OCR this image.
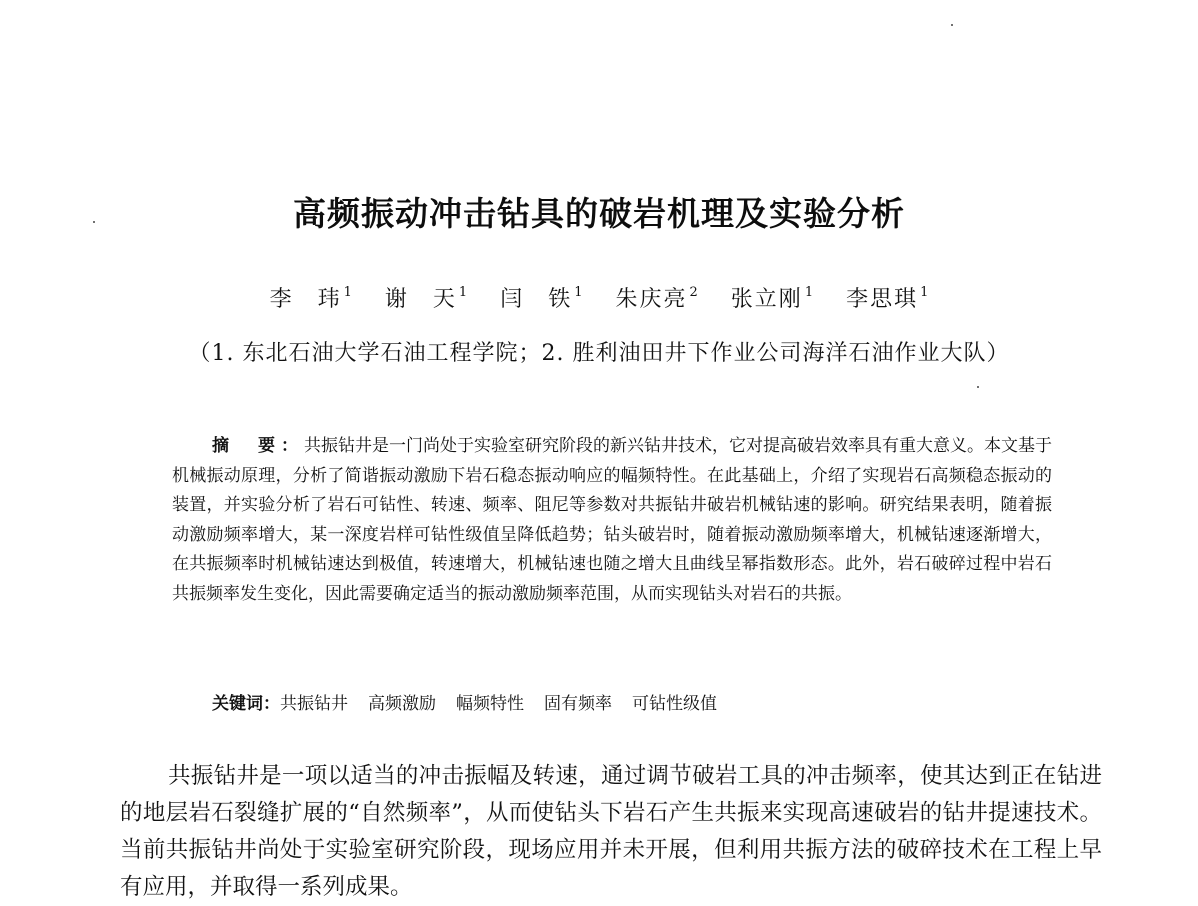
高频振动冲击钻具的破岩机理及实验分析
李　玮 $^1$ 谢　天 $^1$ 闫　铁 $^1$ 朱庆亮 $^2$ 张立刚 $^1$ 李思琪 $^1$
（1. 东北石油大学石油工程学院；2. 胜利油田井下作业公司海洋石油作业大队）
摘　要：共振钻井是一门尚处于实验室研究阶段的新兴钻井技术，它对提高破岩效率具有重大意义。本文基于机械振动原理，分析了简谐振动激励下岩石稳态振动响应的幅频特性。在此基础上，介绍了实现岩石高频稳态振动的装置，并实验分析了岩石可钻性、转速、频率、阻尼等参数对共振钻井破岩机械钻速的影响。研究结果表明，随着振动激励频率增大，某一深度岩样可钻性级值呈降低趋势；钻头破岩时，随着振动激励频率增大，机械钻速逐渐增大，在共振频率时机械钻速达到极值，转速增大，机械钻速也随之增大且曲线呈幂指数形态。此外，岩石破碎过程中岩石共振频率发生变化，因此需要确定适当的振动激励频率范围，从而实现钻头对岩石的共振。
关键词：共振钻井 高频激励 幅频特性 固有频率 可钻性级值
共振钻井是一项以适当的冲击振幅及转速，通过调节破岩工具的冲击频率，使其达到正在钻进的地层岩石裂缝扩展的“自然频率”，从而使钻头下岩石产生共振来实现高速破岩的钻井提速技术。当前共振钻井尚处于实验室研究阶段，现场应用并未开展，但利用共振方法的破碎技术在工程上早有应用，并取得一系列成果。
